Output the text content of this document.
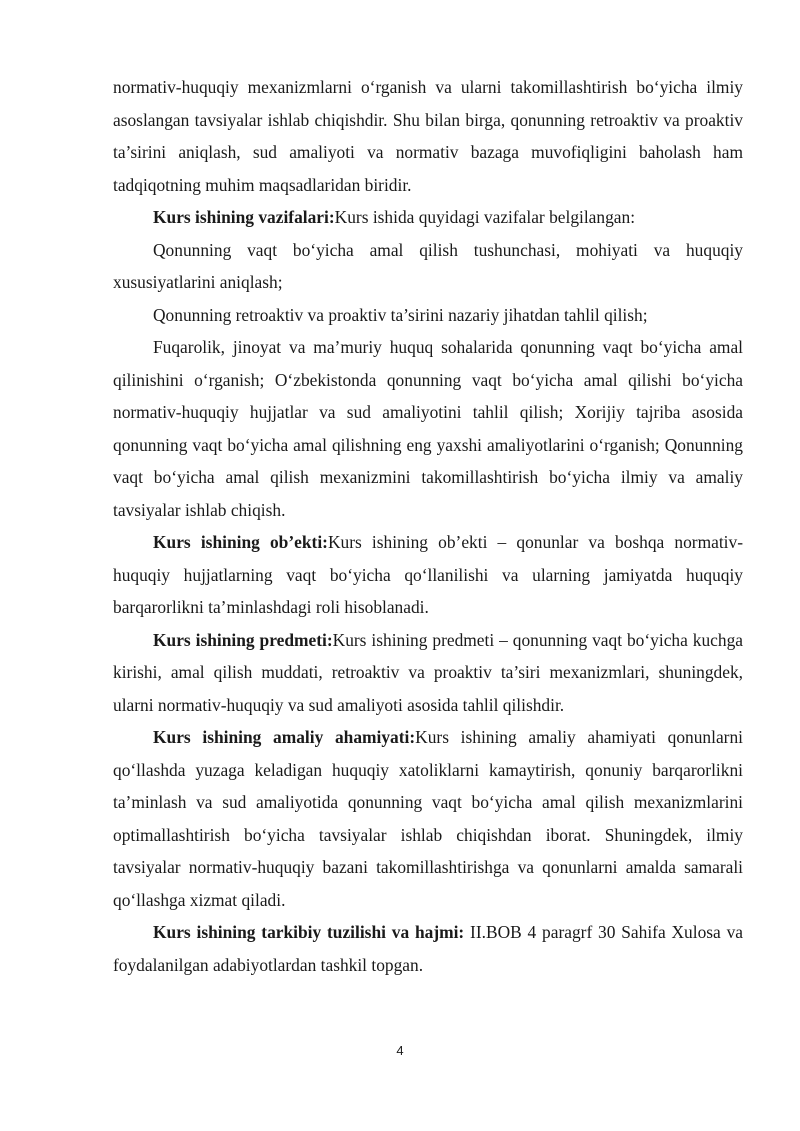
normativ-huquqiy mexanizmlarni o‘rganish va ularni takomillashtirish bo‘yicha ilmiy asoslangan tavsiyalar ishlab chiqishdir. Shu bilan birga, qonunning retroaktiv va proaktiv ta’sirini aniqlash, sud amaliyoti va normativ bazaga muvofiqligini baholash ham tadqiqotning muhim maqsadlaridan biridir.

Kurs ishining vazifalari:Kurs ishida quyidagi vazifalar belgilangan:

Qonunning vaqt bo‘yicha amal qilish tushunchasi, mohiyati va huquqiy xususiyatlarini aniqlash;

Qonunning retroaktiv va proaktiv ta’sirini nazariy jihatdan tahlil qilish;

Fuqarolik, jinoyat va ma’muriy huquq sohalarida qonunning vaqt bo‘yicha amal qilinishini o‘rganish; O‘zbekistonda qonunning vaqt bo‘yicha amal qilishi bo‘yicha normativ-huquqiy hujjatlar va sud amaliyotini tahlil qilish; Xorijiy tajriba asosida qonunning vaqt bo‘yicha amal qilishning eng yaxshi amaliyotlarini o‘rganish; Qonunning vaqt bo‘yicha amal qilish mexanizmini takomillashtirish bo‘yicha ilmiy va amaliy tavsiyalar ishlab chiqish.

Kurs ishining ob’ekti:Kurs ishining ob’ekti – qonunlar va boshqa normativ-huquqiy hujjatlarning vaqt bo‘yicha qo‘llanilishi va ularning jamiyatda huquqiy barqarorlikni ta’minlashdagi roli hisoblanadi.

Kurs ishining predmeti:Kurs ishining predmeti – qonunning vaqt bo‘yicha kuchga kirishi, amal qilish muddati, retroaktiv va proaktiv ta’siri mexanizmlari, shuningdek, ularni normativ-huquqiy va sud amaliyoti asosida tahlil qilishdir.

Kurs ishining amaliy ahamiyati:Kurs ishining amaliy ahamiyati qonunlarni qo‘llashda yuzaga keladigan huquqiy xatoliklarni kamaytirish, qonuniy barqarorlikni ta’minlash va sud amaliyotida qonunning vaqt bo‘yicha amal qilish mexanizmlarini optimallashtirish bo‘yicha tavsiyalar ishlab chiqishdan iborat. Shuningdek, ilmiy tavsiyalar normativ-huquqiy bazani takomillashtirishga va qonunlarni amalda samarali qo‘llashga xizmat qiladi.

Kurs ishining tarkibiy tuzilishi va hajmi: II.BOB 4 paragrf 30 Sahifa Xulosa va foydalanilgan adabiyotlardan tashkil topgan.

4
